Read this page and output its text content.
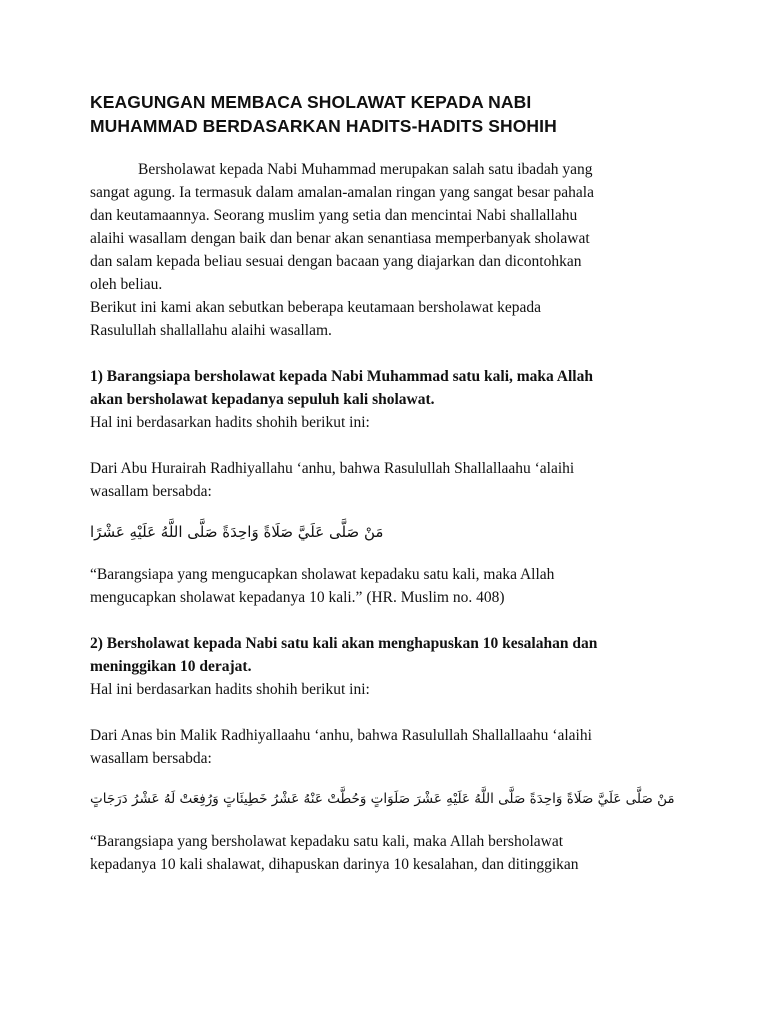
KEAGUNGAN MEMBACA SHOLAWAT KEPADA NABI
MUHAMMAD BERDASARKAN HADITS-HADITS SHOHIH

Bersholawat kepada Nabi Muhammad merupakan salah satu ibadah yang

sangat agung. Ia termasuk dalam amalan-amalan ringan yang sangat besar pahala
dan keutamaannya. Seorang muslim yang setia dan mencintai Nabi shallallahu
alaihi wasallam dengan baik dan benar akan senantiasa memperbanyak sholawat
dan salam kepada beliau sesuai dengan bacaan yang diajarkan dan dicontohkan
oleh beliau.
Berikut ini kami akan sebutkan beberapa keutamaan bersholawat kepada
Rasulullah shallallahu alaihi wasallam.

1) Barangsiapa bersholawat kepada Nabi Muhammad satu kali, maka Allah
akan bersholawat kepadanya sepuluh kali sholawat.

Hal ini berdasarkan hadits shohih berikut ini:

Dari Abu Hurairah Radhiyallahu ‘anhu, bahwa Rasulullah Shallallaahu ‘alaihi
wasallam bersabda:

مَنْ صَلَّى عَلَيَّ صَلَاةً وَاحِدَةً صَلَّى اللَّهُ عَلَيْهِ عَشْرًا

“Barangsiapa yang mengucapkan sholawat kepadaku satu kali, maka Allah
mengucapkan sholawat kepadanya 10 kali.” (HR. Muslim no. 408)

2) Bersholawat kepada Nabi satu kali akan menghapuskan 10 kesalahan dan
meninggikan 10 derajat.

Hal ini berdasarkan hadits shohih berikut ini:

Dari Anas bin Malik Radhiyallaahu ‘anhu, bahwa Rasulullah Shallallaahu ‘alaihi
wasallam bersabda:

مَنْ صَلَّى عَلَيَّ صَلَاةً وَاحِدَةً صَلَّى اللَّهُ عَلَيْهِ عَشْرَ صَلَوَاتٍ وَحُطَّتْ عَنْهُ عَشْرُ خَطِيئَاتٍ وَرُفِعَتْ لَهُ عَشْرُ دَرَجَاتٍ

“Barangsiapa yang bersholawat kepadaku satu kali, maka Allah bersholawat
kepadanya 10 kali shalawat, dihapuskan darinya 10 kesalahan, dan ditinggikan
